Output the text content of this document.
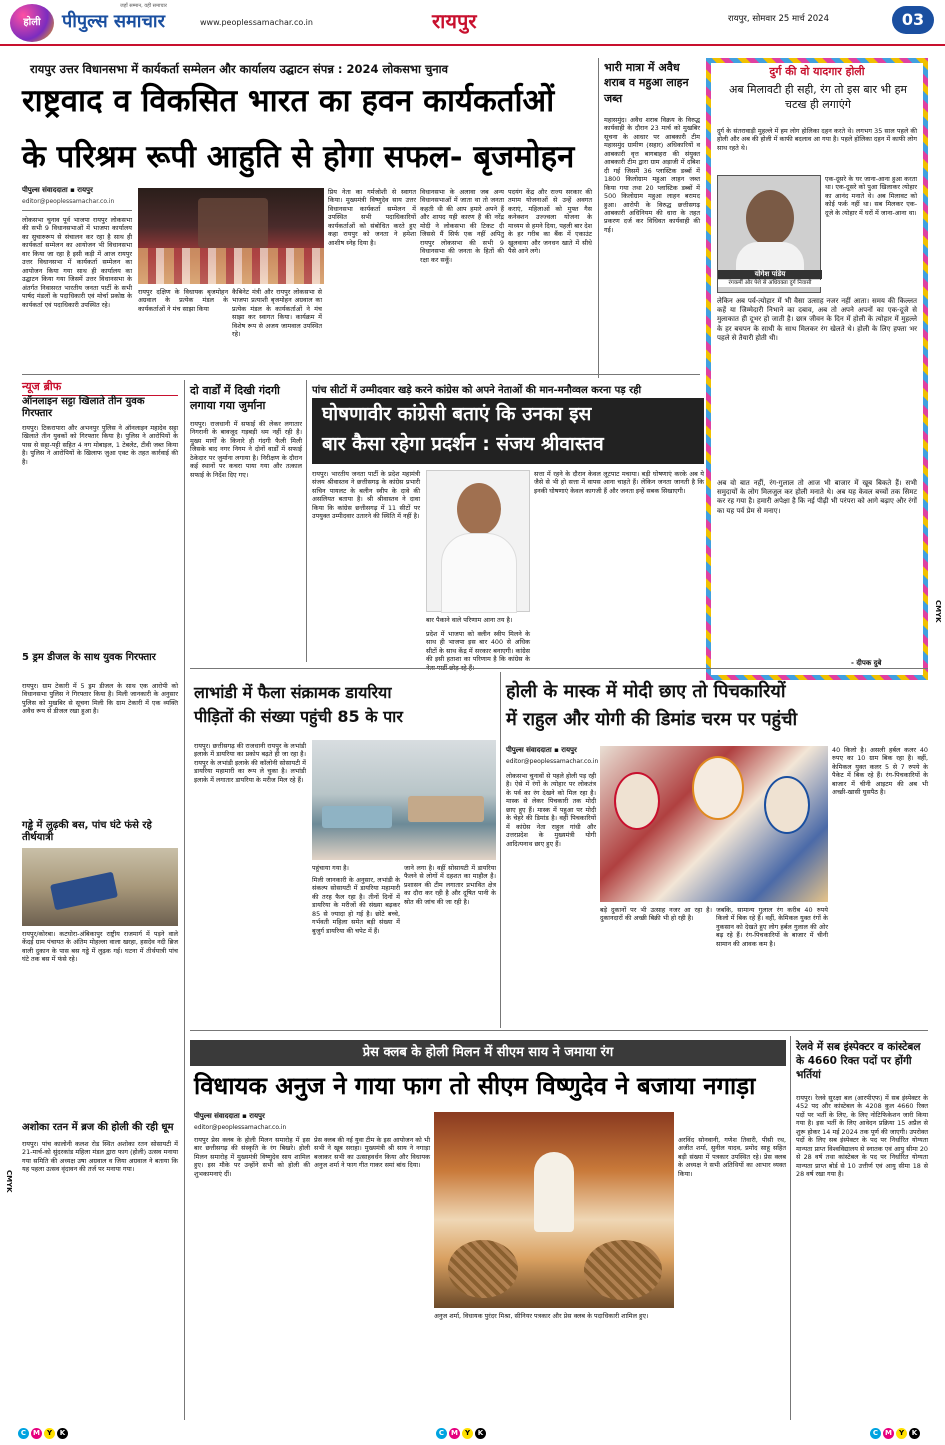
होली
जहाँ सम्मान, वहीं समाचार
पीपुल्स समाचार	www.peoplessamachar.co.in	रायपुर	रायपुर, सोमवार 25 मार्च 2024	03
रायपुर उत्तर विधानसभा में कार्यकर्ता सम्मेलन और कार्यालय उद्घाटन संपन्न : 2024 लोकसभा चुनाव
राष्ट्रवाद व विकसित भारत का हवन कार्यकर्ताओं
के परिश्रम रूपी आहुति से होगा सफल- बृजमोहन
पीपुल्स संवाददाता ▪ रायपुर
editor@peoplessamachar.co.in
लोकसभा चुनाव पूर्व भाजपा रायपुर लोकसभा की सभी 9 विधानसभाओं में भाजपा कार्यालय का सुचारुरूप से संचालन कर रहा है साथ ही कार्यकर्ता सम्मेलन का आयोजन भी विधानसभा वार किया जा रहा है इसी कड़ी में आज रायपुर उत्तर विधानसभा में कार्यकर्ता सम्मेलन का आयोजन किया गया साथ ही कार्यालय का उद्घाटन किया गया जिसमें उत्तर विधानसभा के अंतर्गत निवासरत भारतीय जनता पार्टी के सभी पार्षद मंडलों के पदाधिकारी एवं मोर्चा प्रकोष्ठ के कार्यकर्ता एवं पदाधिकारी उपस्थित रहे।
रायपुर दक्षिण के विधायक बृजमोहन अग्रवाल के प्रत्येक मंडल के कार्यकर्ताओं ने मंच साझा किया
कैबिनेट मंत्री और रायपुर लोकसभा से भाजपा प्रत्याशी बृजमोहन अग्रवाल का प्रत्येक मंडल के कार्यकर्ताओं ने मंच साझा कर स्वागत किया। कार्यक्रम में विशेष रूप से अजय जामवाल उपस्थित रहे।
प्रिय नेता का गर्मजोशी से स्वागत किया। मुख्यमंत्री विष्णुदेव साय उत्तर विधानसभा कार्यकर्ता सम्मेलन में उपस्थित सभी पदाधिकारियों कार्यकर्ताओं को संबोधित करते हुए कहा रायपुर को जनता ने हमेशा आशीष स्नेह दिया है।
विधानसभा के अलावा जब अन्य विधानसभाओं में जाता था तो जनता कहती थी की आप हमारे अपने हैं और शायद यही कारण है की नरेंद्र मोदी ने लोकसभा की टिकट दी जिससे मैं सिर्फ एक नहीं अपितु रायपुर लोकसभा की सभी 9 विधानसभा की जनता के हितों की रक्षा कर सकूँ।
पदयंग केंद्र और राज्य सरकार की तमाम योजनाओं से उन्हें अवगत कराएं, महिलाओं को मुफ्त गैस कनेक्शन उज्ज्वला योजना के माध्यम से हमने दिया, पहली बार देश के हर गरीब का बैंक में एकाउंट खुलवाया और जनधन खाते में सीधे पैसे आने लगे।
भारी मात्रा में अवैध शराब व महुआ लाहन जब्त
महासमुंद। अवैध शराब विक्रय के विरुद्ध कार्यवाही के दौरान 23 मार्च को मुखबिर सूचना के आधार पर आबकारी टीम महासमुंद ग्रामीण (सहार) अधिकारियों व आबकारी वृत्त बागबाहरा की संयुक्त आबकारी टीम द्वारा ग्राम अड़ाजी में दबिश दी गई जिसमें 36 प्लास्टिक डब्बों में 1800 किलोग्राम महुआ लाहन जब्त किया गया तथा 20 प्लास्टिक डब्बों में 500 किलोग्राम महुआ लाहन बरामद हुआ। आरोपी के विरुद्ध छत्तीसगढ़ आबकारी अधिनियम की धारा के तहत प्रकरण दर्ज कर विधिवत कार्यवाही की गई।
दुर्ग की वो यादगार होली
अब मिलावटी ही सही, रंग तो इस बार भी हम चटख ही लगाएंगे
दुर्ग के संतरावाड़ी मुहल्ले में हम लोग होलिका दहन करते थे। लगभग 35 साल पहले की होली और अब की होली में काफी बदलाव आ गया है। पहले होलिका दहन में काफी लोग साथ रहते थे।
योगेश पांडेय
रंगकर्मी और पेशे से अधिवक्ता दुर्ग निवासी
एक-दूसरे के घर जाना-आना हुआ करता था। एक-दूसरे को पुआ खिलाकर त्योहार का आनंद मनाते थे। अब मिलावट को कोई फर्क नहीं था। सब मिलकर एक-दूजे के त्योहार में घरों में जाना-आना था।
लेकिन अब पर्व-त्योहार में भी वैसा उत्साह नजर नहीं आता। समय की किल्लत कहें या जिम्मेदारी निभाने का दबाव, अब तो अपने अपनों का एक-दूजे से मुलाकात ही दूभर हो जाती है। छात्र जीवन के दिन में होली के त्योहार में मुहल्ले के हर बचपन के साथी के साथ मिलकर रंग खेलते थे। होली के लिए हफ्ता भर पहले से तैयारी होती थी।
अब वो बात नहीं, रंग-गुलाल तो आज भी बाजार में खूब बिकते हैं। सभी समुदायों के लोग मिलजुल कर होली मनाते थे। अब यह केवल बच्चों तक सिमट कर रह गया है। हमारी अपेक्षा है कि नई पीढ़ी भी परंपरा को आगे बढ़ाए और रंगों का यह पर्व प्रेम से मनाए।
- दीपक दुबे
न्यूज ब्रीफ
ऑनलाइन सट्टा खिलाते तीन युवक गिरफ्तार
रायपुर। टिकरापारा और अभनपुर पुलिस ने ऑनलाइन महादेव सट्टा खिलाते तीन युवकों को गिरफ्तार किया है। पुलिस ने आरोपियों के पास से सट्टा-पट्टी सहित 4 नग मोबाइल, 1 टेबलेट, टीवी जब्त किया है। पुलिस ने आरोपियों के खिलाफ जुआ एक्ट के तहत कार्रवाई की है।
5 ड्रम डीजल के साथ युवक गिरफ्तार
रायपुर। ग्राम टेकारी में 5 ड्रम डीजल के साथ एक आरोपी को विधानसभा पुलिस ने गिरफ्तार किया है। मिली जानकारी के अनुसार पुलिस को मुखबिर से सूचना मिली कि ग्राम टेकारी में एक व्यक्ति अवैध रूप से डीजल रखा हुआ है।
गड्ढे में लुढ़की बस, पांच घंटे फंसे रहे तीर्थयात्री
रायपुर/कोरबा। कटघोरा-अंबिकापुर राष्ट्रीय राजमार्ग में पड़ने वाले केंदई ग्राम पंचायत के अंतिम मोहल्ला वाला खरहा, हसदेव नदी ब्रिज वाली दुकान के पास बस गड्ढे में लुढ़क गई। घटना में तीर्थयात्री पांच घंटे तक बस में फंसे रहे।
अशोका रतन में ब्रज की होली की रही धूम
रायपुर। पांच कालोनी कलश रोड स्थित अशोका रतन सोसायटी में 21-मार्च-को सुंदरकांड महिला मंडल द्वारा फाग (होली) उत्सव मनाया गया समिति की अध्यक्ष उषा अग्रवाल व जिया अग्रवाल ने बताया कि यह पहला उत्सव वृंदावन की तर्ज पर मनाया गया।
दो वार्डों में दिखी गंदगी लगाया गया जुर्माना
रायपुर। राजधानी में सफाई की लेकर लगातार निगरानी के बावजूद गड़बड़ी थम नहीं रही है। मुख्य मार्गों के किनारे ही गंदगी फैली मिली जिसके बाद नगर निगम ने दोनों वार्डों में सफाई ठेकेदार पर जुर्माना लगाया है। निरीक्षण के दौरान कई स्थानों पर कचरा पाया गया और तत्काल सफाई के निर्देश दिए गए।
पांच सीटों में उम्मीदवार खड़े करने कांग्रेस को अपने नेताओं की मान-मनौव्वल करना पड़ रही
घोषणावीर कांग्रेसी बताएं कि उनका इस
बार कैसा रहेगा प्रदर्शन : संजय श्रीवास्तव
रायपुर। भारतीय जनता पार्टी के प्रदेश महामंत्री संजय श्रीवास्तव ने छत्तीसगढ़ के कांग्रेस प्रभारी सचिन पायलट के बलीन स्वीप के दावे की असलियत बताया है। श्री श्रीवास्तव ने दावा किया कि कांग्रेस छत्तीसगढ़ में 11 सीटों पर उपयुक्त उम्मीदवार उतारने की स्थिति में नहीं है।
बार पैकाने वाले परिणाम आना तय है।
प्रदेश में भाजपा को क्लीन स्वीप मिलने के साथ ही भाजपा इस बार 400 से अधिक सीटों के साथ केंद्र में सरकार बनाएगी। कांग्रेस की इसी हताशा का परिणाम है कि कांग्रेस के
सत्ता में रहने के दौरान केवल लूटपाट मचाया। बड़ी घोषणाएं करके अब ये जैसे से भी हो सत्ता में वापस आना चाहते हैं। लेकिन जनता जानती है कि इनकी घोषणाएं केवल कागजी हैं और जनता इन्हें सबक सिखाएगी।
लाभांडी में फैला संक्रामक डायरिया
पीड़ितों की संख्या पहुंची 85 के पार
रायपुर। छत्तीसगढ़ की राजधानी रायपुर के लभांडी इलाके में डायरिया का प्रकोप बढ़ते ही जा रहा है। रायपुर के लभांडी इलाके की कॉलोनी सोसायटी में डायरिया महामारी का रूप ले चुका है। लभांडी इलाके में लगातार डायरिया के मरीज मिल रहे हैं।
पहुंचाया गया है।
मिली जानकारी के अनुसार, लभांडी के संकल्प सोसायटी में डायरिया महामारी की तरह फैल रहा है। तीनों दिनों में डायरिया के मरीजों की संख्या बढ़कर 85 से ज्यादा हो गई है। छोटे बच्चे, गर्भवती महिला समेत बड़ी संख्या में बुजुर्ग डायरिया की चपेट में हैं।
जाने लगा है। वहीं सोसायटी में डायरिया फैलने से लोगों में दहशत का माहौल है। प्रशासन की टीम लगातार प्रभावित क्षेत्र का दौरा कर रही है और दूषित पानी के स्रोत की जांच की जा रही है।
होली के मास्क में मोदी छाए तो पिचकारियों
में राहुल और योगी की डिमांड चरम पर पहुंची
पीपुल्स संवाददाता ▪ रायपुर
editor@peoplessamachar.co.in
लोकसभा चुनावों से पहले होली पड़ रही है। ऐसे में रंगों के त्योहार पर लोकतंत्र के पर्व का रंग देखने को मिल रहा है। मास्क से लेकर पिचकारी तक मोदी छाए हुए हैं। मास्क में पहुआ पर मोदी के चेहरे की डिमांड है। वहीं पिचकारियों में कांग्रेस नेता राहुल गांधी और उत्तरप्रदेश के मुख्यमंत्री योगी आदित्यनाथ छाए हुए हैं।
बड़े दुकानों पर भी उत्साह नजर आ रहा है। दुकानदारों की अच्छी बिक्री भी हो रही है।
जबकि, सामान्य गुलाल रंग करीब 40 रुपये किलो में बिक रहे हैं। वहीं, केमिकल युक्त रंगों के नुकसान को देखते हुए लोग हर्बल गुलाल की ओर बढ़ रहे हैं। रंग-पिचकारियों के बाजार में चीनी सामान की आवक कम है।
40 किलो है। असली हर्बल कलर 40 रुपए का 10 ग्राम बिक रहा है। वहीं, केमिकल युक्त कलर 5 से 7 रुपये के पैकेट में बिक रहे हैं। रंग-पिचकारियों के बाजार में चीनी आइटम की अब भी अच्छी-खासी घुसपैठ है।
प्रेस क्लब के होली मिलन में सीएम साय ने जमाया रंग
विधायक अनुज ने गाया फाग तो सीएम विष्णुदेव ने बजाया नगाड़ा
पीपुल्स संवाददाता ▪ रायपुर
editor@peoplessamachar.co.in
रायपुर प्रेस क्लब के होली मिलन समारोह में इस बार छत्तीसगढ़ की संस्कृति के रंग बिखरे। होली मिलन समारोह में मुख्यमंत्री विष्णुदेव साय शामिल हुए। इस मौके पर उन्होंने सभी को होली की शुभकामनाएं दीं।
प्रेस क्लब की नई युवा टीम के इस आयोजन को भी सभी ने खूब सराहा। मुख्यमंत्री श्री साय ने नगाड़ा बजाकर सभी का उत्साहवर्धन किया और विधायक अनुज शर्मा ने फाग गीत गाकर समां बांध दिया।
अनुज शर्मा, विधायक पुरंदर मिश्रा, सीनियर पत्रकार और प्रेस क्लब के पदाधिकारी शामिल हुए।
अरविंद सोनवानी, गणेश तिवारी, पीसी रथ, अजीत शर्मा, सुनील यादव, प्रमोद साहू सहित बड़ी संख्या में पत्रकार उपस्थित रहे। प्रेस क्लब के अध्यक्ष ने सभी अतिथियों का आभार व्यक्त किया।
रेलवे में सब इंस्पेक्टर व कांस्टेबल के 4660 रिक्त पदों पर होंगी भर्तियां
रायपुर। रेलवे सुरक्षा बल (आरपीएफ) में सब इंस्पेक्टर के 452 पद और कांस्टेबल के 4208 कुल 4660 रिक्त पदों पर भर्ती के लिए, के लिए नोटिफिकेशन जारी किया गया है। इस भर्ती के लिए आवेदन प्रक्रिया 15 अप्रैल से शुरू होकर 14 मई 2024 तक पूर्ण की जाएगी। उपरोक्त पदों के लिए सब इंस्पेक्टर के पद पर निर्धारित योग्यता मान्यता प्राप्त विश्वविद्यालय से स्नातक एवं आयु सीमा 20 से 28 वर्ष तथा कांस्टेबल के पद पर निर्धारित योग्यता मान्यता प्राप्त बोर्ड से 10 उत्तीर्ण एवं आयु सीमा 18 से 28 वर्ष रखा गया है।
C M Y K	C M Y K	C M Y K
CMYK
CMYK
